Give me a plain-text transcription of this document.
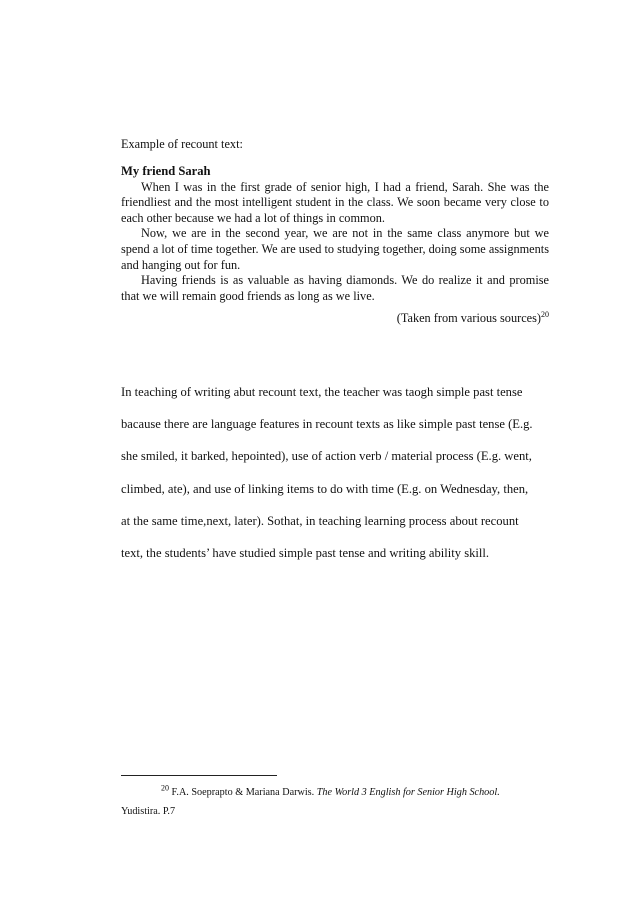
Example of recount text:
My friend Sarah

When I was in the first grade of senior high, I had a friend, Sarah. She was the friendliest and the most intelligent student in the class. We soon became very close to each other because we had a lot of things in common.

Now, we are in the second year, we are not in the same class anymore but we spend a lot of time together. We are used to studying together, doing some assignments and hanging out for fun.

Having friends is as valuable as having diamonds. We do realize it and promise that we will remain good friends as long as we live.

(Taken from various sources)$^{20}$
In teaching of writing abut recount text, the teacher was taogh simple past tense
bacause there are language features in recount texts as like simple past tense (E.g.
she smiled, it barked, hepointed), use of action verb / material process (E.g. went,
climbed, ate), and use of linking items to do with time (E.g. on Wednesday, then,
at the same time,next, later). Sothat, in teaching learning process about recount
text, the students’ have studied simple past tense and writing ability skill.
$^{20}$ F.A. Soeprapto & Mariana Darwis. The World 3 English for Senior High School.
Yudistira. P.7
